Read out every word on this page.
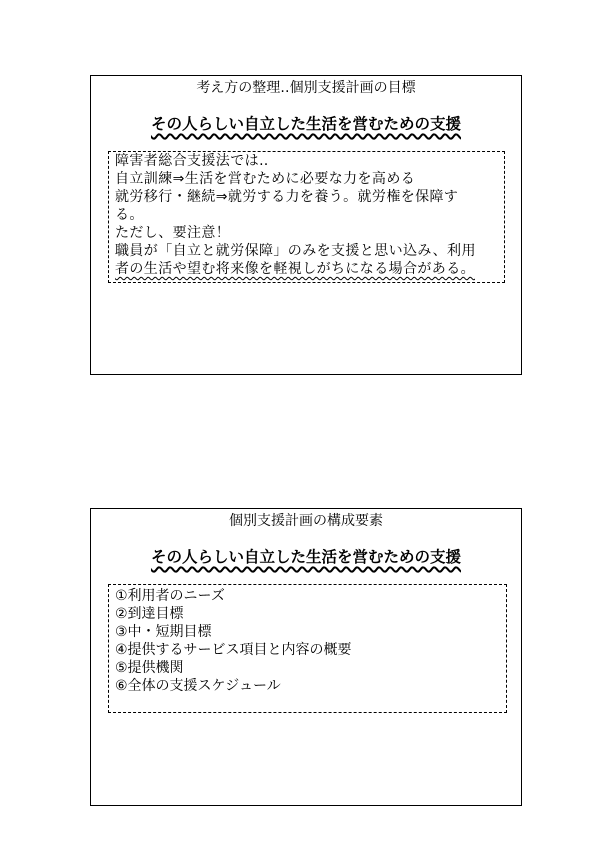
考え方の整理‥個別支援計画の目標
その人らしい自立した生活を営むための支援
障害者総合支援法では‥
自立訓練⇒生活を営むために必要な力を高める
就労移行・継続⇒就労する力を養う。就労権を保障す
る。
ただし、要注意！
職員が「自立と就労保障」のみを支援と思い込み、利用
者の生活や望む将来像を軽視しがちになる場合がある。
個別支援計画の構成要素
その人らしい自立した生活を営むための支援
①利用者のニーズ
②到達目標
③中・短期目標
④提供するサービス項目と内容の概要
⑤提供機関
⑥全体の支援スケジュール
